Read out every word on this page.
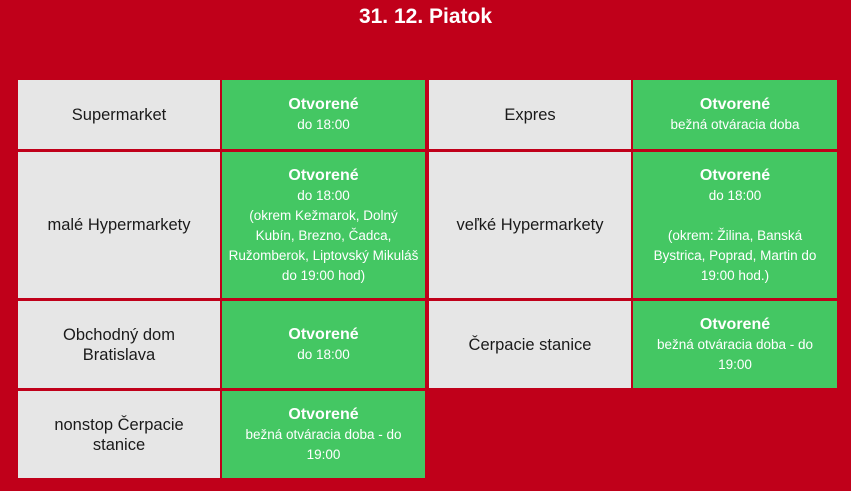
31. 12. Piatok
Supermarket
Otvorené
do 18:00
Expres
Otvorené
bežná otváracia doba
malé Hypermarkety
Otvorené
do 18:00
(okrem Kežmarok, Dolný Kubín, Brezno, Čadca, Ružomberok, Liptovský Mikuláš do 19:00 hod)
veľké Hypermarkety
Otvorené
do 18:00

(okrem: Žilina, Banská Bystrica, Poprad, Martin do 19:00 hod.)
Obchodný dom Bratislava
Otvorené
do 18:00
Čerpacie stanice
Otvorené
bežná otváracia doba - do 19:00
nonstop Čerpacie stanice
Otvorené
bežná otváracia doba - do 19:00
